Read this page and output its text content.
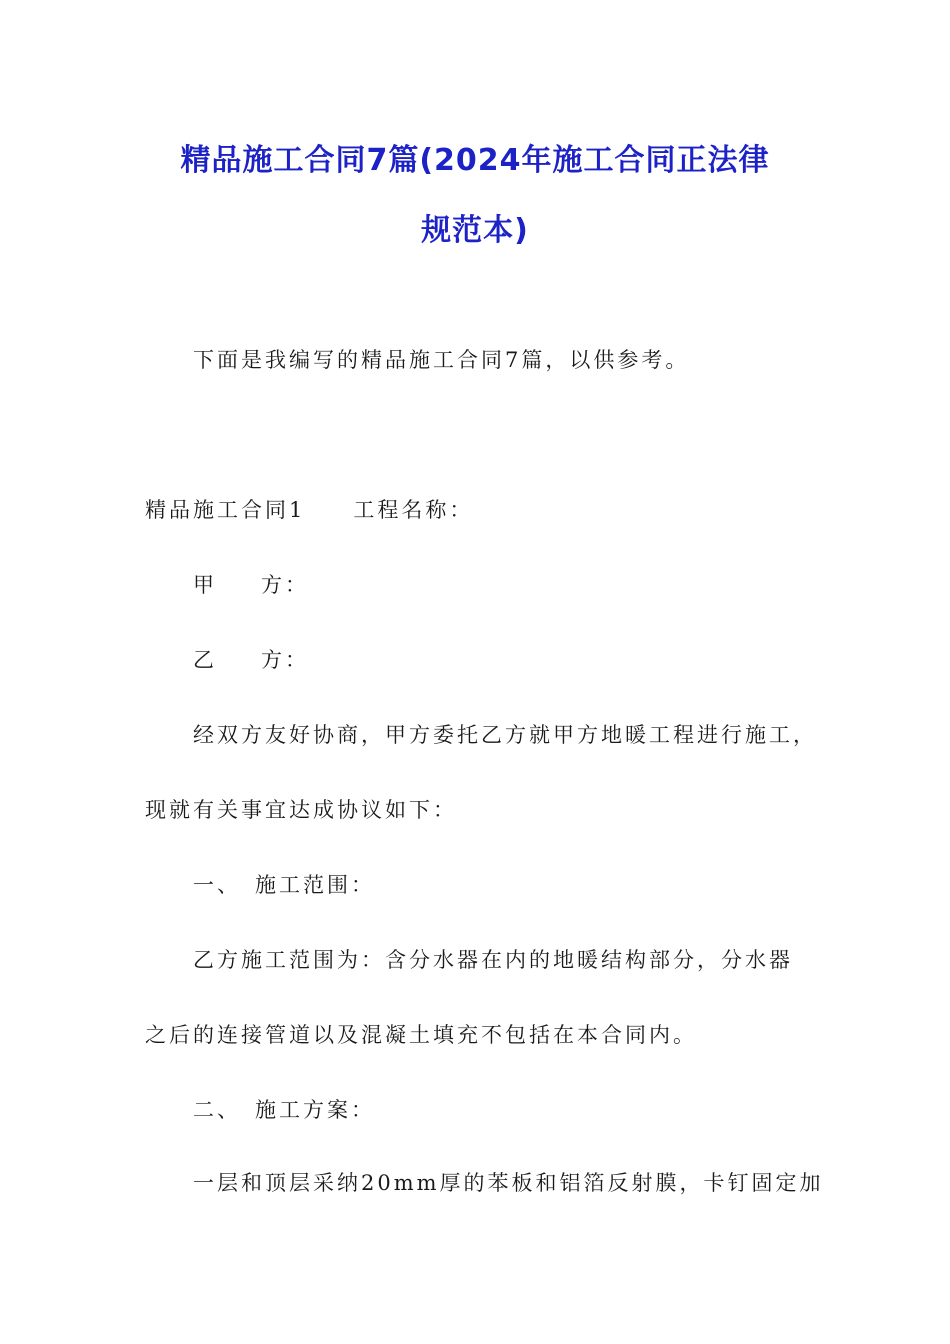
精品施工合同7篇(2024年施工合同正法律
规范本)
下面是我编写的精品施工合同7篇，以供参考。
精品施工合同1 工程名称：
甲 方：
乙 方：
经双方友好协商，甲方委托乙方就甲方地暖工程进行施工，
现就有关事宜达成协议如下：
一、 施工范围：
乙方施工范围为：含分水器在内的地暖结构部分，分水器
之后的连接管道以及混凝土填充不包括在本合同内。
二、 施工方案：
一层和顶层采纳20mm厚的苯板和铝箔反射膜，卡钉固定加
